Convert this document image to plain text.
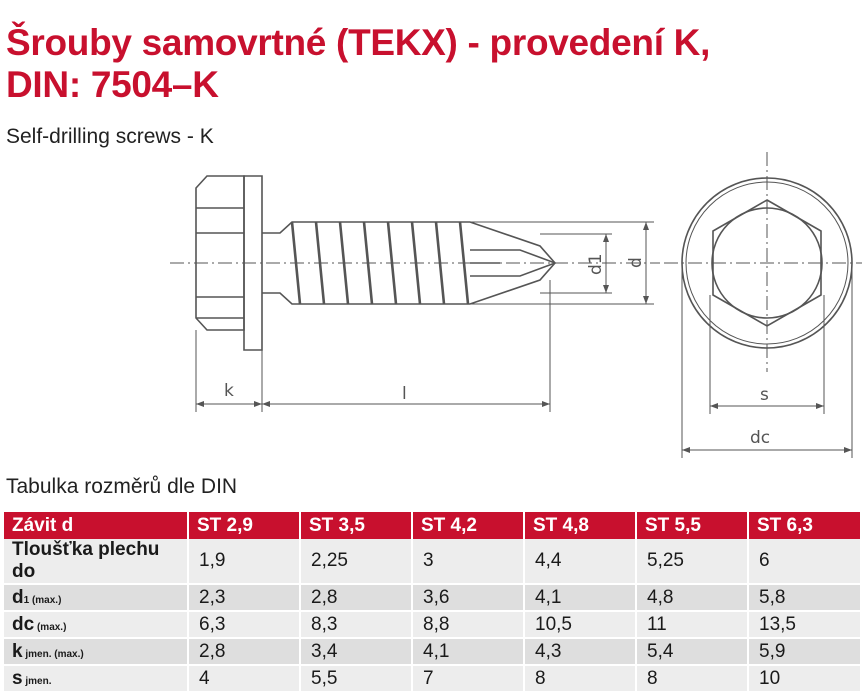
Šrouby samovrtné (TEKX) - provedení K,
DIN: 7504–K

Self-drilling screws - K

k	l
d1 d
s
dc

Tabulka rozměrů dle DIN

Závit d	ST 2,9	ST 3,5	ST 4,2	ST 4,8	ST 5,5	ST 6,3
Tloušťka plechu do	1,9	2,25	3	4,4	5,25	6
d1 (max.)	2,3	2,8	3,6	4,1	4,8	5,8
dc (max.)	6,3	8,3	8,8	10,5	11	13,5
k jmen. (max.)	2,8	3,4	4,1	4,3	5,4	5,9
s jmen.	4	5,5	7	8	8	10
